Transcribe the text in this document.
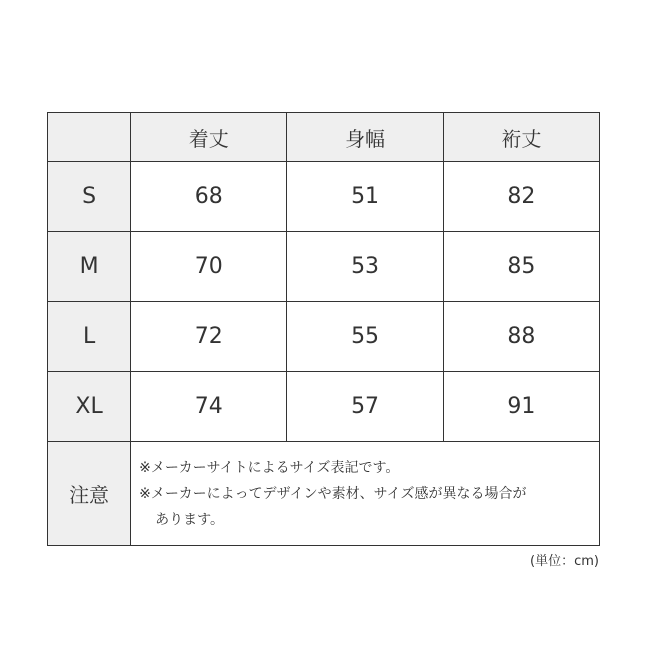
	着丈	身幅	裄丈
S	68	51	82
M	70	53	85
L	72	55	88
XL	74	57	91
注意	※メーカーサイトによるサイズ表記です。
※メーカーによってデザインや素材、サイズ感が異なる場合が
あります。		
(単位：cm)
